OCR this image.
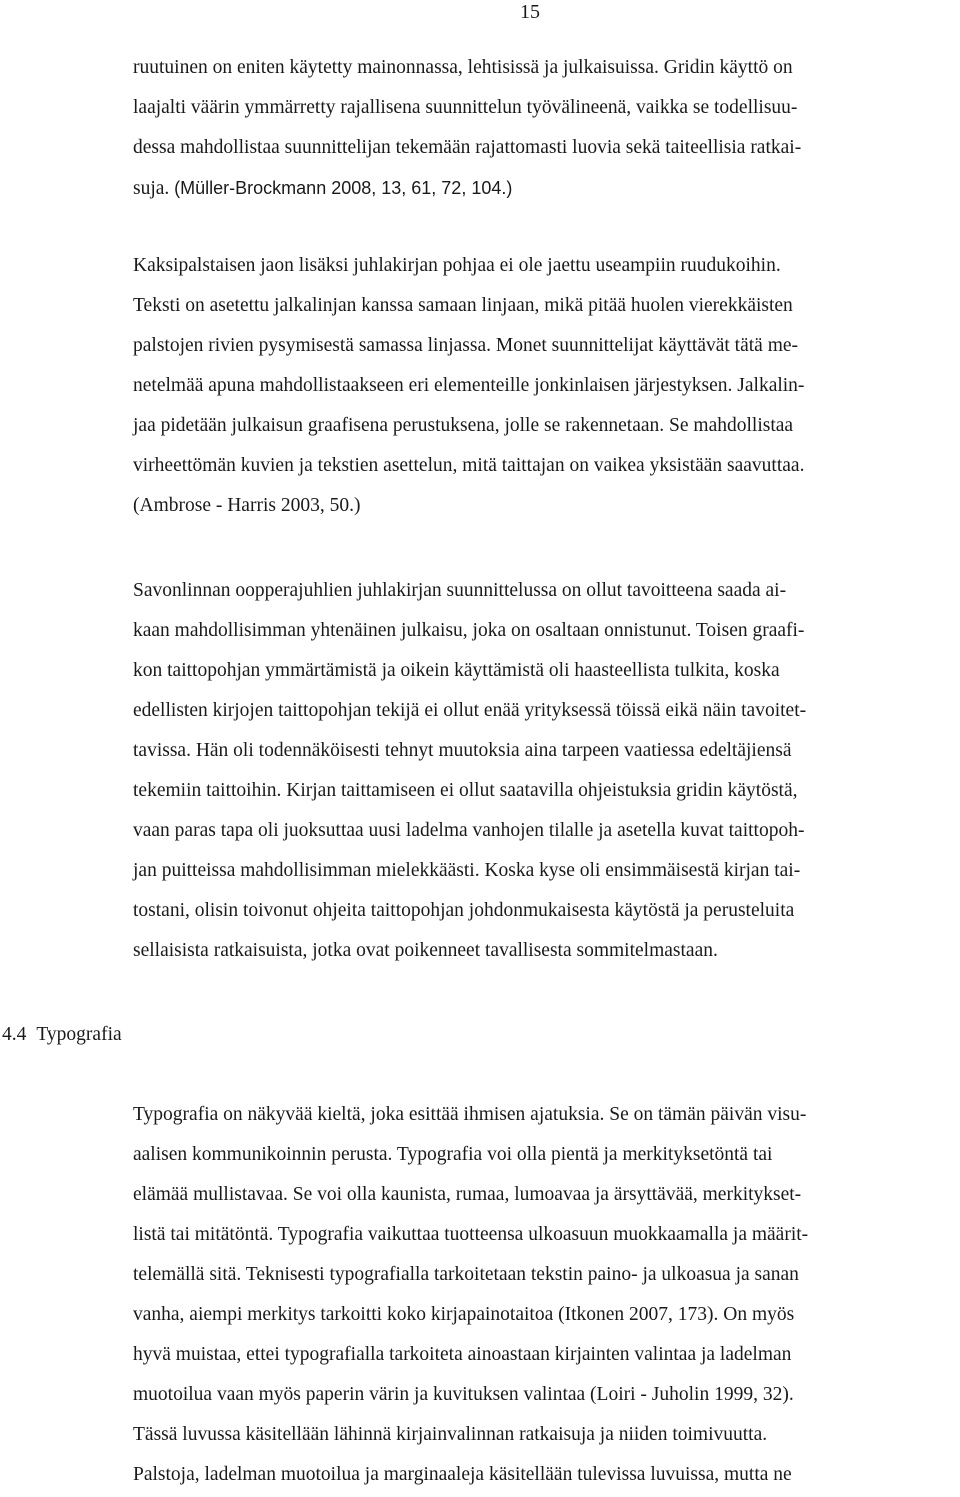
15
ruutuinen on eniten käytetty mainonnassa, lehtisissä ja julkaisuissa. Gridin käyttö on
laajalti väärin ymmärretty rajallisena suunnittelun työvälineenä, vaikka se todellisuu-
dessa mahdollistaa suunnittelijan tekemään rajattomasti luovia sekä taiteellisia ratkai-
suja. (Müller-Brockmann 2008, 13, 61, 72, 104.)
Kaksipalstaisen jaon lisäksi juhlakirjan pohjaa ei ole jaettu useampiin ruudukoihin.
Teksti on asetettu jalkalinjan kanssa samaan linjaan, mikä pitää huolen vierekkäisten
palstojen rivien pysymisestä samassa linjassa. Monet suunnittelijat käyttävät tätä me-
netelmää apuna mahdollistaakseen eri elementeille jonkinlaisen järjestyksen. Jalkalin-
jaa pidetään julkaisun graafisena perustuksena, jolle se rakennetaan. Se mahdollistaa
virheettömän kuvien ja tekstien asettelun, mitä taittajan on vaikea yksistään saavuttaa.
(Ambrose - Harris 2003, 50.)
Savonlinnan oopperajuhlien juhlakirjan suunnittelussa on ollut tavoitteena saada ai-
kaan mahdollisimman yhtenäinen julkaisu, joka on osaltaan onnistunut. Toisen graafi-
kon taittopohjan ymmärtämistä ja oikein käyttämistä oli haasteellista tulkita, koska
edellisten kirjojen taittopohjan tekijä ei ollut enää yrityksessä töissä eikä näin tavoitet-
tavissa. Hän oli todennäköisesti tehnyt muutoksia aina tarpeen vaatiessa edeltäjiensä
tekemiin taittoihin. Kirjan taittamiseen ei ollut saatavilla ohjeistuksia gridin käytöstä,
vaan paras tapa oli juoksuttaa uusi ladelma vanhojen tilalle ja asetella kuvat taittopoh-
jan puitteissa mahdollisimman mielekkäästi. Koska kyse oli ensimmäisestä kirjan tai-
tostani, olisin toivonut ohjeita taittopohjan johdonmukaisesta käytöstä ja perusteluita
sellaisista ratkaisuista, jotka ovat poikenneet tavallisesta sommitelmastaan.
4.4 Typografia
Typografia on näkyvää kieltä, joka esittää ihmisen ajatuksia. Se on tämän päivän visu-
aalisen kommunikoinnin perusta. Typografia voi olla pientä ja merkityksetöntä tai
elämää mullistavaa. Se voi olla kaunista, rumaa, lumoavaa ja ärsyttävää, merkitykset-
listä tai mitätöntä. Typografia vaikuttaa tuotteensa ulkoasuun muokkaamalla ja määrit-
telemällä sitä. Teknisesti typografialla tarkoitetaan tekstin paino- ja ulkoasua ja sanan
vanha, aiempi merkitys tarkoitti koko kirjapainotaitoa (Itkonen 2007, 173). On myös
hyvä muistaa, ettei typografialla tarkoiteta ainoastaan kirjainten valintaa ja ladelman
muotoilua vaan myös paperin värin ja kuvituksen valintaa (Loiri - Juholin 1999, 32).
Tässä luvussa käsitellään lähinnä kirjainvalinnan ratkaisuja ja niiden toimivuutta.
Palstoja, ladelman muotoilua ja marginaaleja käsitellään tulevissa luvuissa, mutta ne
